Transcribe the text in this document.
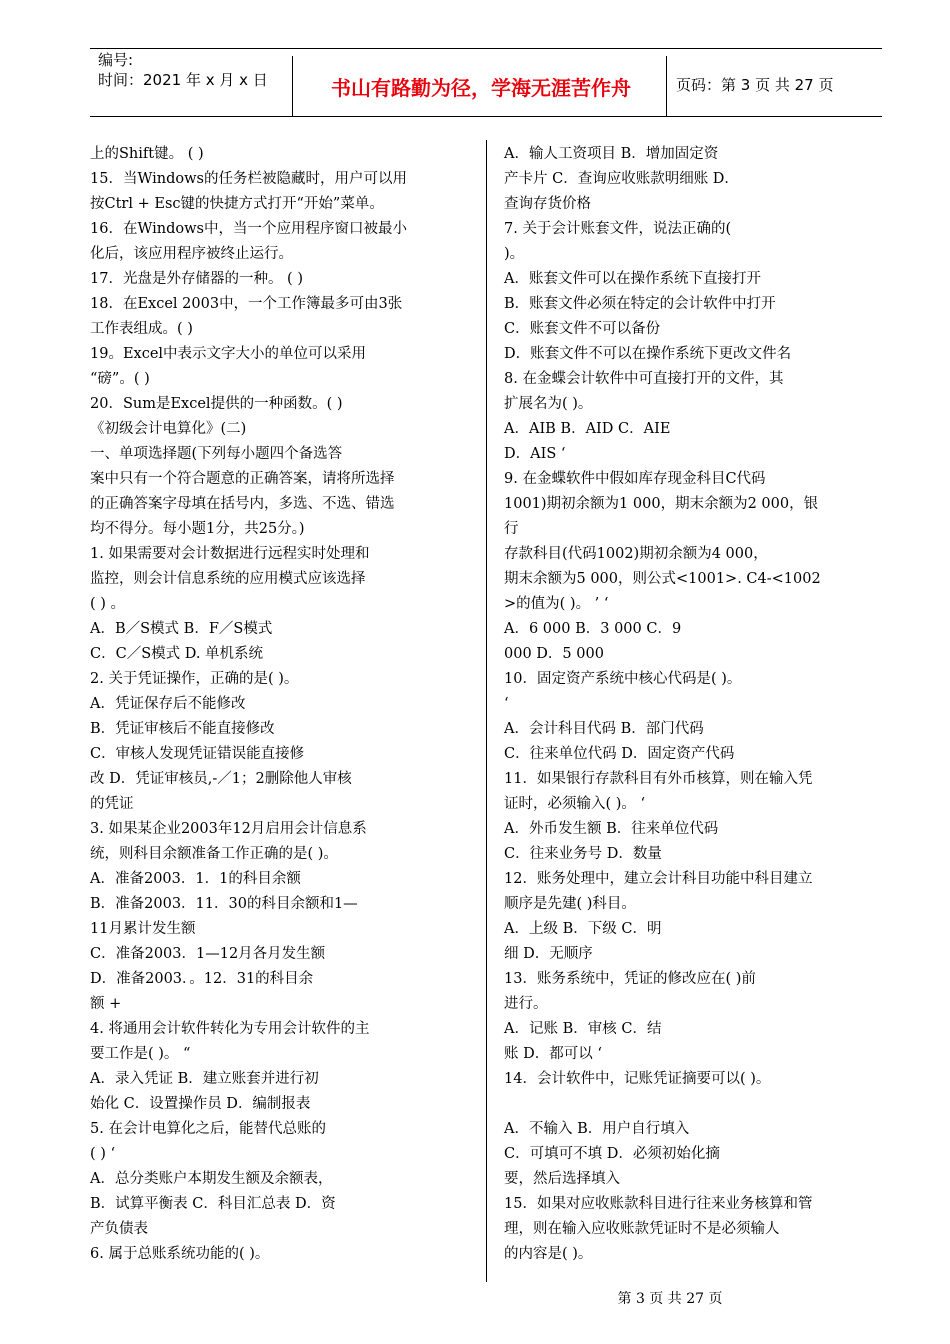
编号:
时间：2021 年 x 月 x 日	书山有路勤为径，学海无涯苦作舟	页码：第 3 页 共 27 页
上的Shift键。 ( )
15．当Windows的任务栏被隐藏时，用户可以用
按Ctrl + Esc键的快捷方式打开“开始”菜单。
16．在Windows中，当一个应用程序窗口被最小
化后，该应用程序被终止运行。
17．光盘是外存储器的一种。 ( )
18．在Excel 2003中，一个工作簿最多可由3张
工作表组成。( )
19。Excel中表示文字大小的单位可以采用
“磅”。( )
20．Sum是Excel提供的一种函数。( )
《初级会计电算化》(二)
一、单项选择题(下列每小题四个备选答
案中只有一个符合题意的正确答案，请将所选择
的正确答案字母填在括号内，多选、不选、错选
均不得分。每小题1分，共25分。)
1. 如果需要对会计数据进行远程实时处理和
监控，则会计信息系统的应用模式应该选择
( ) 。
A．B／S模式 B．F／S模式
C．C／S模式 D. 单机系统
2. 关于凭证操作，正确的是( )。
A．凭证保存后不能修改
B．凭证审核后不能直接修改
C．审核人发现凭证错误能直接修
改 D．凭证审核员,-／1；2删除他人审核
的凭证
3. 如果某企业2003年12月启用会计信息系
统，则科目余额准备工作正确的是( )。
A．准备2003．1．1的科目余额
B．准备2003．11．30的科目余额和1—
11月累计发生额
C．准备2003．1—12月各月发生额
D．准备2003．。12．31的科目余
额 +
4. 将通用会计软件转化为专用会计软件的主
要工作是( )。 “
A．录入凭证 B．建立账套并进行初
始化 C．设置操作员 D．编制报表
5. 在会计电算化之后，能替代总账的
( ) ‘
A．总分类账户本期发生额及余额表，
B．试算平衡表 C．科目汇总表 D．资
产负债表
6. 属于总账系统功能的( )。
A．输人工资项目 B．增加固定资
产卡片 C．查询应收账款明细账 D．
查询存货价格
7. 关于会计账套文件，说法正确的(
)。
A．账套文件可以在操作系统下直接打开
B．账套文件必须在特定的会计软件中打开
C．账套文件不可以备份
D．账套文件不可以在操作系统下更改文件名
8. 在金蝶会计软件中可直接打开的文件，其
扩展名为( )。
A．AIB B．AID C．AIE
D．AIS ‘
9. 在金蝶软件中假如库存现金科目C代码
1001)期初余额为1 000，期末余额为2 000，银
行
存款科目(代码1002)期初余额为4 000，
期末余额为5 000，则公式<1001>. C4-<1002
>的值为( )。 ’ ‘
A．6 000 B．3 000 C．9
000 D．5 000
10．固定资产系统中核心代码是( )。
‘
A．会计科目代码 B．部门代码
C．往来单位代码 D．固定资产代码
11．如果银行存款科目有外币核算，则在输入凭
证时，必须输入( )。 ‘
A．外币发生额 B．往来单位代码
C．往来业务号 D．数量
12．账务处理中，建立会计科目功能中科目建立
顺序是先建( )科目。
A．上级 B．下级 C．明
细 D．无顺序
13．账务系统中，凭证的修改应在( )前
进行。
A．记账 B．审核 C．结
账 D．都可以 ‘
14．会计软件中，记账凭证摘要可以( )。
A．不输入 B．用户自行填入
C．可填可不填 D．必须初始化摘
要，然后选择填入
15．如果对应收账款科目进行往来业务核算和管
理，则在输入应收账款凭证时不是必须输人
的内容是( )。
第 3 页 共 27 页
